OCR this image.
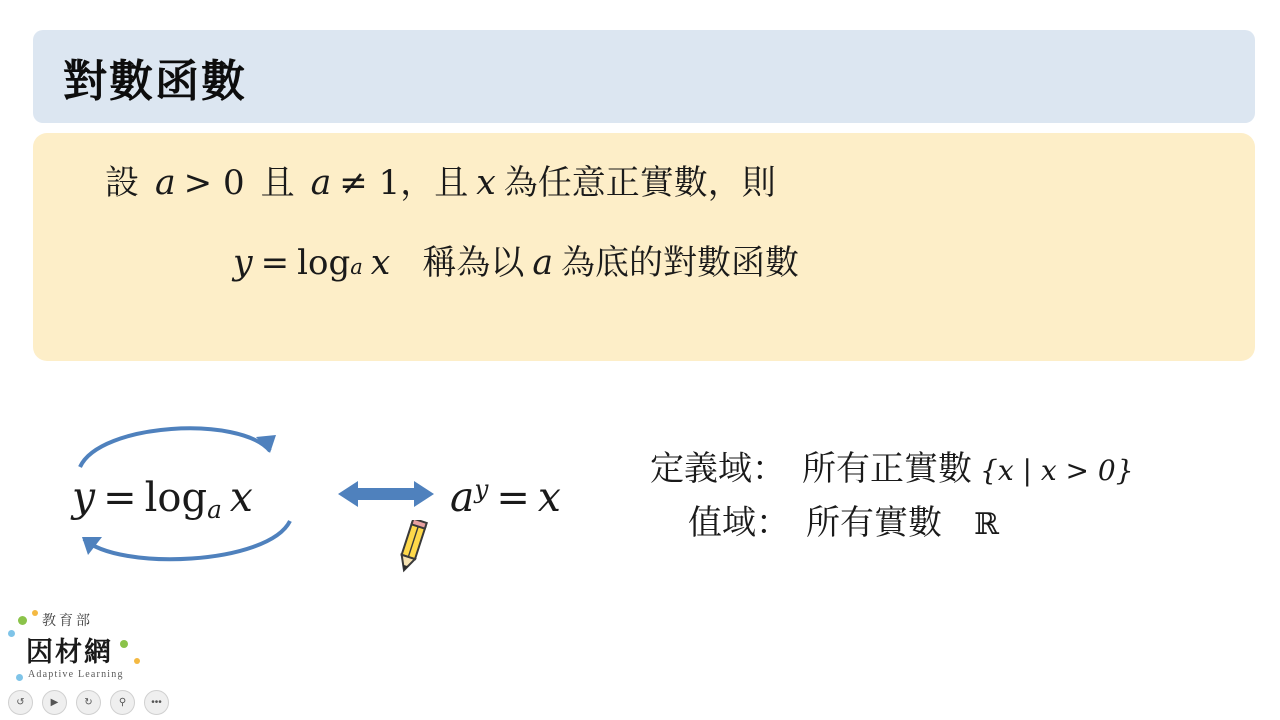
對數函數
設 a > 0 且 a ≠ 1，且 x 為任意正實數，則
y = log a x 稱為以 a 為底的對數函數
$y = \log_a x$	$a^y = x$
定義域： 所有正實數 {x | x > 0}
值域： 所有實數 ℝ
教育部
因材網
Adaptive Learning
↺	▶	↻	⚲	•••
